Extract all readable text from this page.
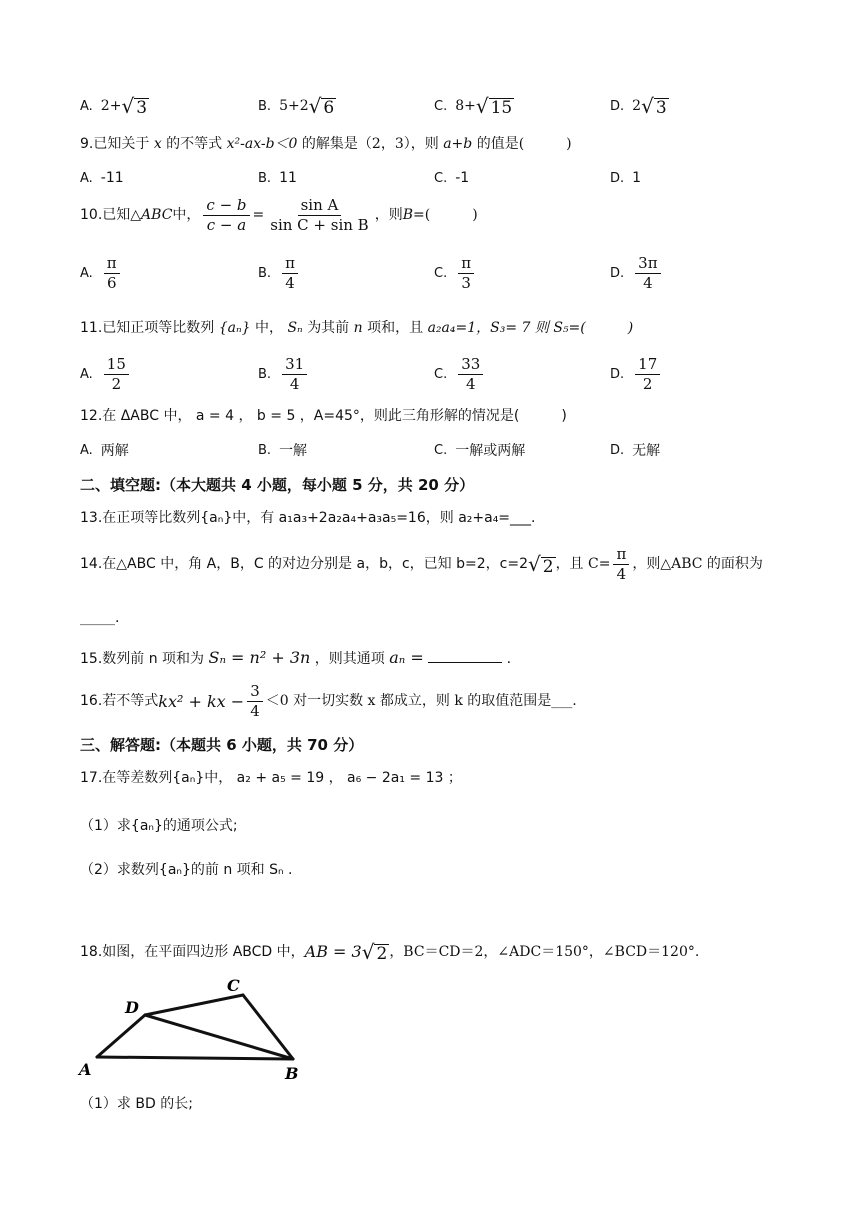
A. 2+ √ 3	B. 5+2 √ 6	C. 8+ √ 15	D. 2 √ 3
9.已知关于 x 的不等式 x²-ax-b＜0 的解集是（2，3），则 a+b 的值是(　　　)
A. -11	B. 11	C. -1	D. 1
10.已知△ ABC 中， $\frac{c - b}{c - a} = \frac{\text{sin A}}{\text{sin C + sin B}}$ ，则 B =(　　　)
A. $\frac{\pi}{6}$	B. $\frac{\pi}{4}$	C. $\frac{\pi}{3}$	D. $\frac{3\pi}{4}$
11.已知正项等比数列 {aₙ} 中， Sₙ 为其前 n 项和，且 a₂a₄=1，S₃= 7 则 S₅=(　　　)
A. $\frac{15}{2}$	B. $\frac{31}{4}$	C. $\frac{33}{4}$	D. $\frac{17}{2}$
12.在 ΔABC 中， a = 4 ， b = 5 ，A=45°，则此三角形解的情况是(　　　)
A. 两解	B. 一解	C. 一解或两解	D. 无解
二、填空题:（本大题共 4 小题，每小题 5 分，共 20 分）
13.在正项等比数列{aₙ}中，有 a₁a₃+2a₂a₄+a₃a₅=16，则 a₂+a₄=___.
14.在△ABC 中，角 A，B，C 的对边分别是 a，b，c，已知 b=2，c=2 √ 2 ，且 $C= \frac{\pi}{4}$ ，则△ABC 的面积为
_____.
15.数列前 n 项和为 Sₙ = n² + 3n ，则其通项 aₙ =	.
16.若不等式 kx² + kx − $\frac{3}{4} <0$ 对一切实数 x 都成立，则 k 的取值范围是___.
三、解答题:（本题共 6 小题，共 70 分）
17.在等差数列{aₙ}中， a₂ + a₅ = 19 ， a₆ − 2a₁ = 13 ；
（1）求{aₙ}的通项公式;
（2）求数列{aₙ}的前 n 项和 Sₙ .
18.如图，在平面四边形 ABCD 中， AB = 3 √ 2 ，BC＝CD＝2，∠ADC＝150°，∠BCD＝120°.
A
D
C
B
（1）求 BD 的长;
